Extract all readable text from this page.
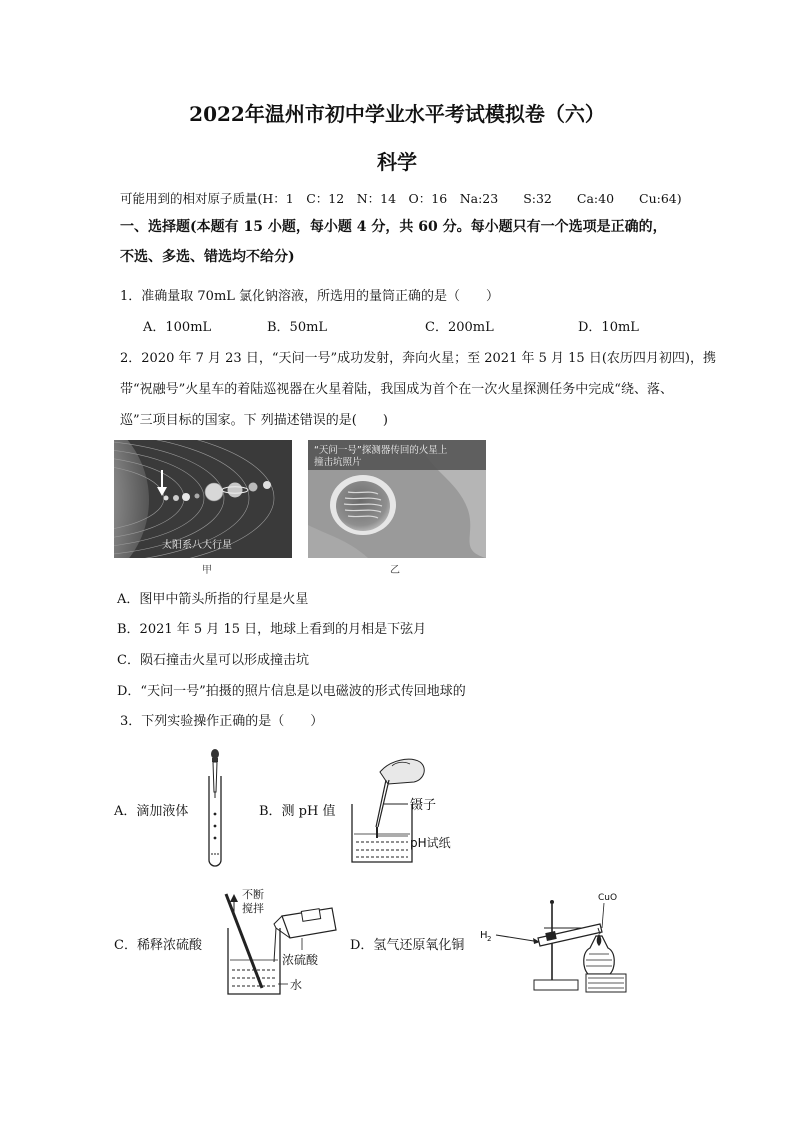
2022年温州市初中学业水平考试模拟卷（六）
科学
可能用到的相对原子质量(H：1　C：12　N：14　O：16　Na:23　　S:32　　Ca:40　　Cu:64)
一、选择题(本题有 15 小题，每小题 4 分，共 60 分。每小题只有一个选项是正确的，
不选、多选、错选均不给分)
1．准确量取 70mL 氯化钠溶液，所选用的量筒正确的是（　　）
A．100mL	B．50mL	C．200mL	D．10mL
2．2020 年 7 月 23 日，“天问一号”成功发射，奔向火星；至 2021 年 5 月 15 日(农历四月初四)，携
带“祝融号”火星车的着陆巡视器在火星着陆，我国成为首个在一次火星探测任务中完成“绕、落、
巡”三项目标的国家。下 列描述错误的是(　　)
太阳系八大行星
甲
“天问一号”探测器传回的火星上
撞击坑照片
乙
A．图甲中箭头所指的行星是火星
B．2021 年 5 月 15 日，地球上看到的月相是下弦月
C．陨石撞击火星可以形成撞击坑
D．“天问一号”拍摄的照片信息是以电磁波的形式传回地球的
3．下列实验操作正确的是（　　）
A．滴加液体	B．测 pH 值	镊子
pH试纸
C．稀释浓硫酸
不断
搅拌
浓硫酸
水
D．氢气还原氧化铜
H 2
CuO
